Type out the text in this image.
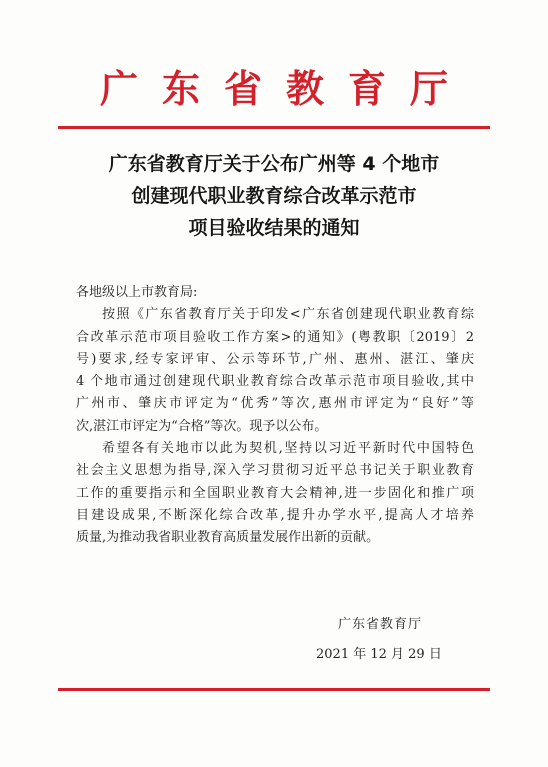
广东省教育厅
广东省教育厅关于公布广州等 4 个地市
创建现代职业教育综合改革示范市
项目验收结果的通知
各地级以上市教育局:
按照《广东省教育厅关于印发<广东省创建现代职业教育综
合改革示范市项目验收工作方案>的通知》(粤教职〔2019〕2
号)要求,经专家评审、公示等环节,广州、惠州、湛江、肇庆
4 个地市通过创建现代职业教育综合改革示范市项目验收,其中
广州市、肇庆市评定为“优秀”等次,惠州市评定为“良好”等
次,湛江市评定为“合格”等次。现予以公布。
希望各有关地市以此为契机,坚持以习近平新时代中国特色
社会主义思想为指导,深入学习贯彻习近平总书记关于职业教育
工作的重要指示和全国职业教育大会精神,进一步固化和推广项
目建设成果,不断深化综合改革,提升办学水平,提高人才培养
质量,为推动我省职业教育高质量发展作出新的贡献。
广东省教育厅
2021 年 12 月 29 日
